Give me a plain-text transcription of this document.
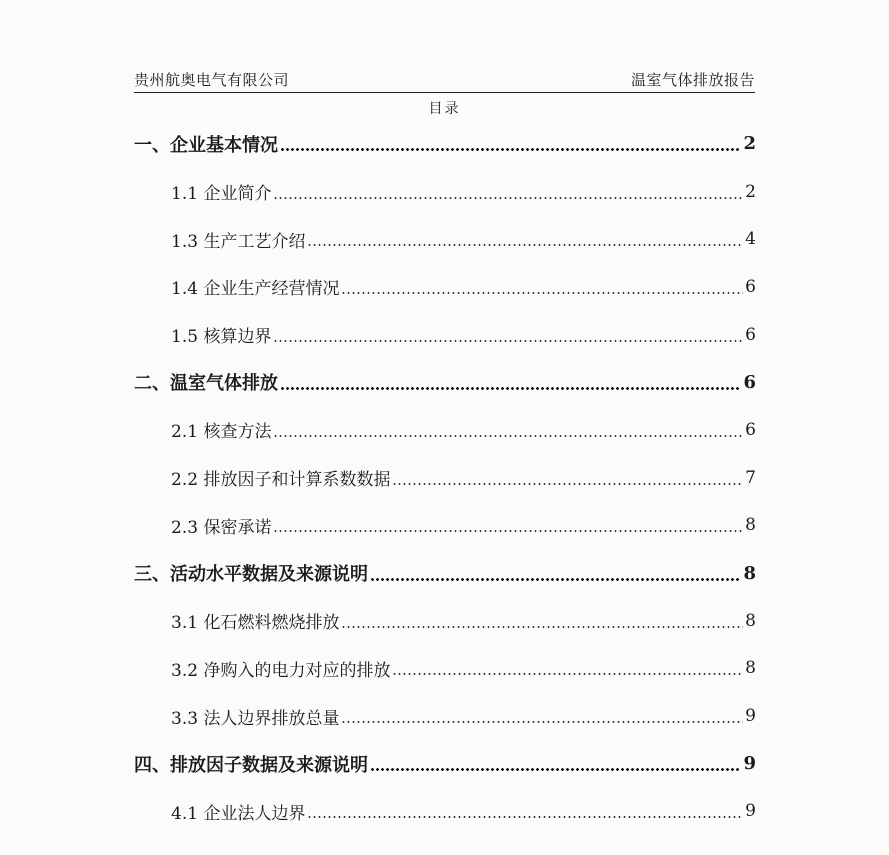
贵州航奥电气有限公司	温室气体排放报告
目录
一、企业基本情况	2
1.1 企业简介	2
1.3 生产工艺介绍	4
1.4 企业生产经营情况	6
1.5 核算边界	6
二、温室气体排放	6
2.1 核查方法	6
2.2 排放因子和计算系数数据	7
2.3 保密承诺	8
三、活动水平数据及来源说明	8
3.1 化石燃料燃烧排放	8
3.2 净购入的电力对应的排放	8
3.3 法人边界排放总量	9
四、排放因子数据及来源说明	9
4.1 企业法人边界	9
